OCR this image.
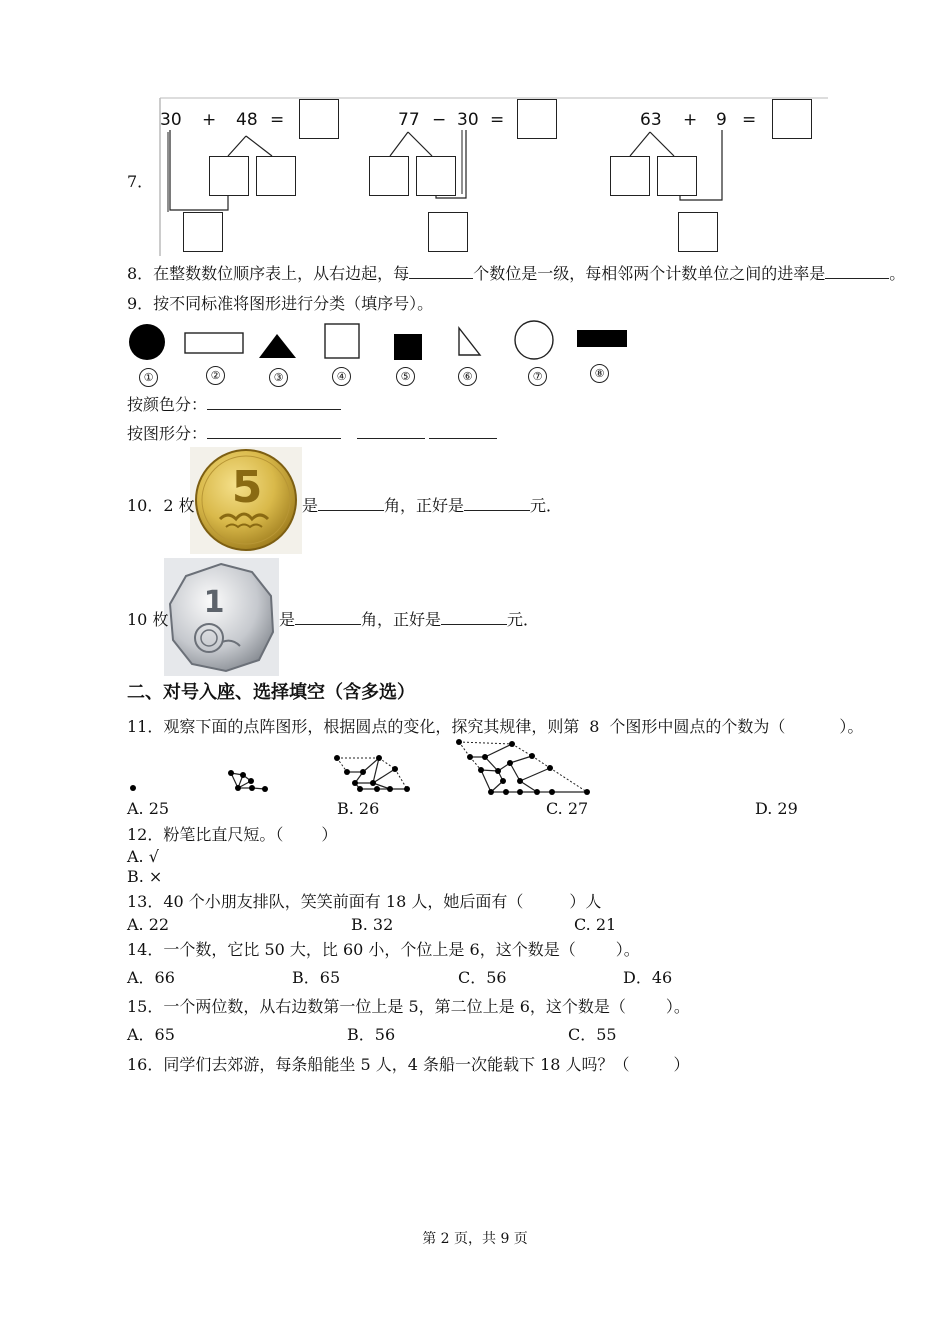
7．
30 + 48 =	77 − 30 =	63 + 9 =
8．在整数数位顺序表上，从右边起，每	个数位是一级，每相邻两个计数单位之间的进率是	。
9．按不同标准将图形进行分类（填序号）。
①	②	③	④	⑤	⑥	⑦	⑧
按颜色分：
按图形分：
5
10．2 枚	是	角，正好是	元．
1
10 枚	是	角，正好是	元．
二、对号入座、选择填空（含多选）
11．观察下面的点阵图形，根据圆点的变化，探究其规律，则第 8 个图形中圆点的个数为（	）。
A. 25	B. 26	C. 27	D. 29
12．粉笔比直尺短。（ ）
A. √
B. ×
13．40 个小朋友排队，笑笑前面有 18 人，她后面有（	）人
A. 22	B. 32	C. 21
14．一个数，它比 50 大，比 60 小，个位上是 6，这个数是（	）。
A．66	B．65	C．56	D．46
15．一个两位数，从右边数第一位上是 5，第二位上是 6，这个数是（	）。
A．65	B．56	C．55
16．同学们去郊游，每条船能坐 5 人，4 条船一次能载下 18 人吗？（	）
第 2 页，共 9 页
